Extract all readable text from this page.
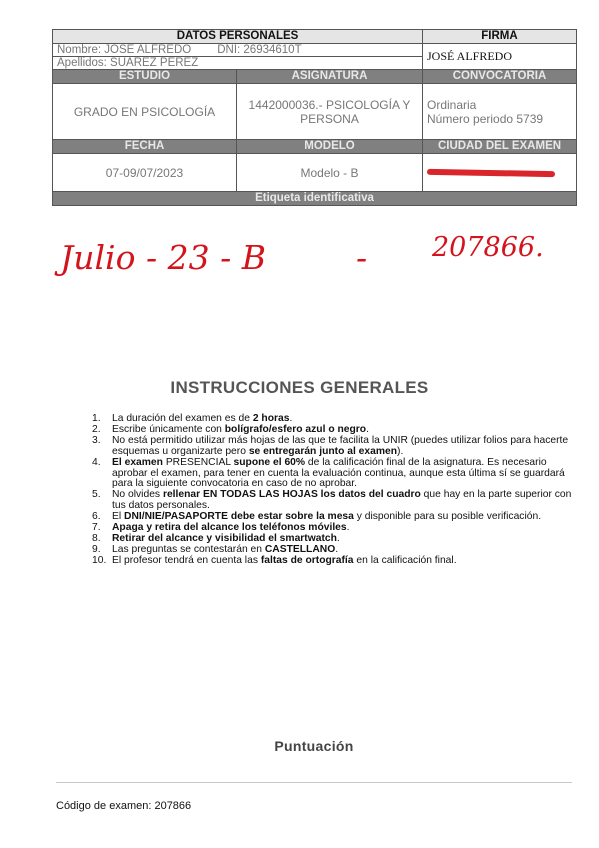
DATOS PERSONALES		FIRMA
Nombre: JOSÉ ALFREDO DNI: 26934610T		JOSÉ ALFREDO
Apellidos: SUÁREZ PÉREZ		
ESTUDIO	ASIGNATURA	CONVOCATORIA
GRADO EN PSICOLOGÍA	1442000036.- PSICOLOGÍA Y PERSONA	Ordinaria
Número periodo 5739

FECHA	MODELO	CIUDAD DEL EXAMEN
07-09/07/2023	Modelo - B	
Etiqueta identificativa		
Julio - 23 - B	- 207866.
INSTRUCCIONES GENERALES
1. La duración del examen es de 2 horas.
2. Escribe únicamente con bolígrafo/esfero azul o negro.
3. No está permitido utilizar más hojas de las que te facilita la UNIR (puedes utilizar folios para hacerte esquemas u organizarte pero se entregarán junto al examen).
4. El examen PRESENCIAL supone el 60% de la calificación final de la asignatura. Es necesario aprobar el examen, para tener en cuenta la evaluación continua, aunque esta última sí se guardará para la siguiente convocatoria en caso de no aprobar.
5. No olvides rellenar EN TODAS LAS HOJAS los datos del cuadro que hay en la parte superior con tus datos personales.
6. El DNI/NIE/PASAPORTE debe estar sobre la mesa y disponible para su posible verificación.
7. Apaga y retira del alcance los teléfonos móviles.
8. Retirar del alcance y visibilidad el smartwatch.
9. Las preguntas se contestarán en CASTELLANO.
10. El profesor tendrá en cuenta las faltas de ortografía en la calificación final.
Puntuación
Código de examen: 207866
